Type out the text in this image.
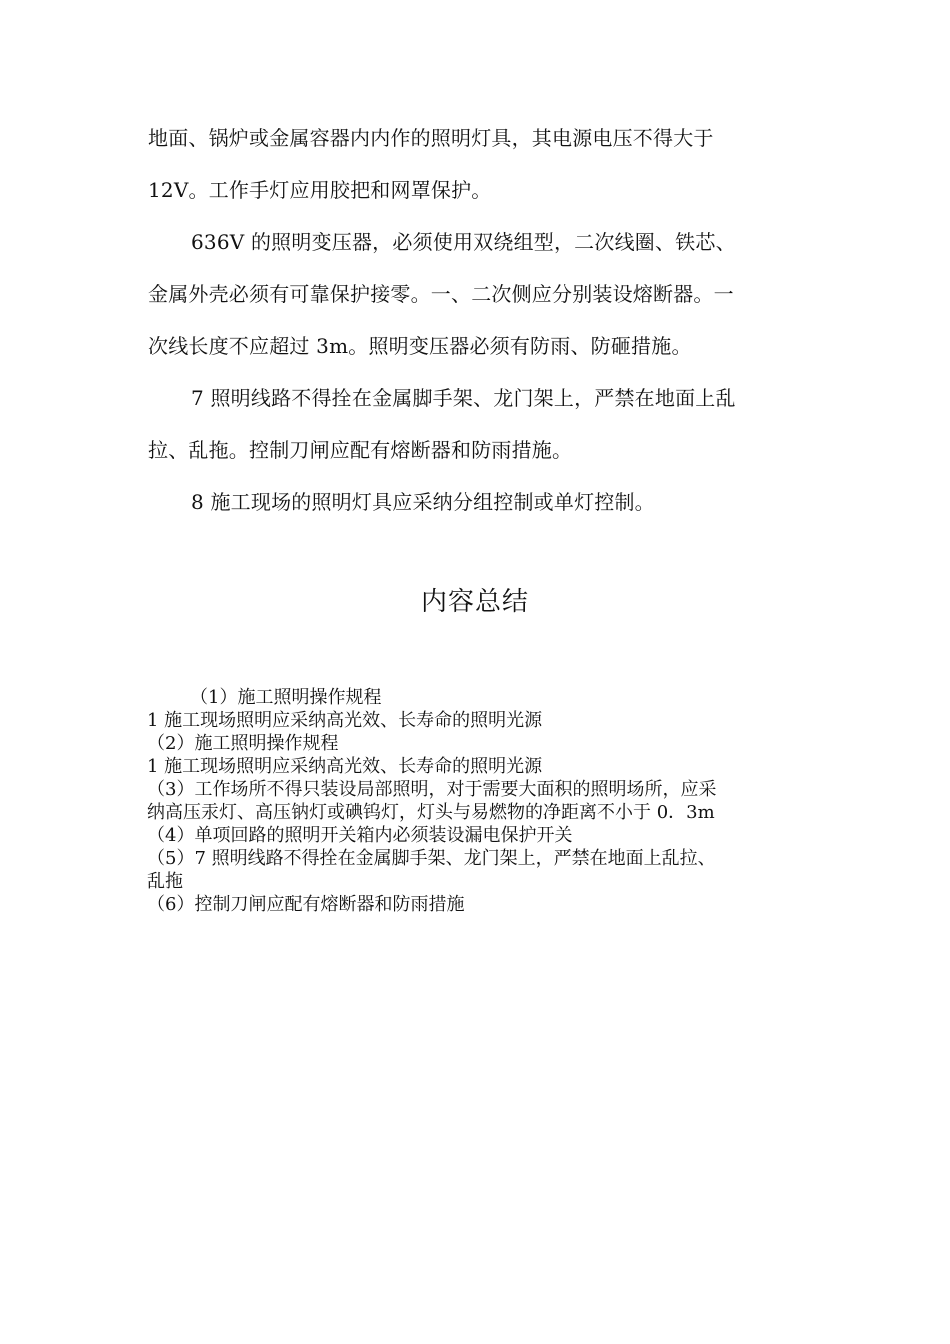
地面、锅炉或金属容器内内作的照明灯具，其电源电压不得大于
12V。工作手灯应用胶把和网罩保护。
636V 的照明变压器，必须使用双绕组型，二次线圈、铁芯、
金属外壳必须有可靠保护接零。一、二次侧应分别装设熔断器。一
次线长度不应超过 3m。照明变压器必须有防雨、防砸措施。
7 照明线路不得拴在金属脚手架、龙门架上，严禁在地面上乱
拉、乱拖。控制刀闸应配有熔断器和防雨措施。
8 施工现场的照明灯具应采纳分组控制或单灯控制。
内容总结
（1）施工照明操作规程
1 施工现场照明应采纳高光效、长寿命的照明光源
（2）施工照明操作规程
1 施工现场照明应采纳高光效、长寿命的照明光源
（3）工作场所不得只装设局部照明，对于需要大面积的照明场所，应采
纳高压汞灯、高压钠灯或碘钨灯，灯头与易燃物的净距离不小于 0．3m
（4）单项回路的照明开关箱内必须装设漏电保护开关
（5）7 照明线路不得拴在金属脚手架、龙门架上，严禁在地面上乱拉、
乱拖
（6）控制刀闸应配有熔断器和防雨措施
